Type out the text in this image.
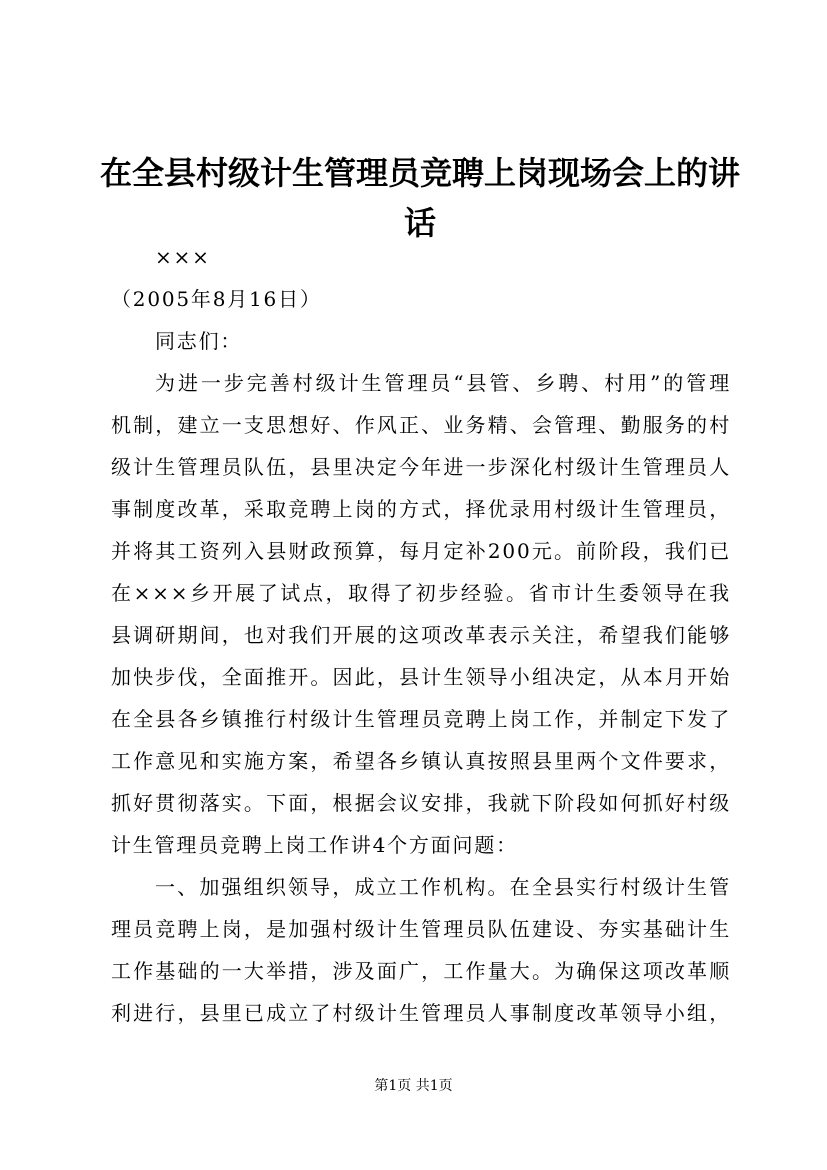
在全县村级计生管理员竞聘上岗现场会上的讲话
×××
（2005年8月16日）
同志们：
为进一步完善村级计生管理员“县管、乡聘、村用”的管理
机制，建立一支思想好、作风正、业务精、会管理、勤服务的村
级计生管理员队伍，县里决定今年进一步深化村级计生管理员人
事制度改革，采取竞聘上岗的方式，择优录用村级计生管理员，
并将其工资列入县财政预算，每月定补200元。前阶段，我们已
在×××乡开展了试点，取得了初步经验。省市计生委领导在我
县调研期间，也对我们开展的这项改革表示关注，希望我们能够
加快步伐，全面推开。因此，县计生领导小组决定，从本月开始
在全县各乡镇推行村级计生管理员竞聘上岗工作，并制定下发了
工作意见和实施方案，希望各乡镇认真按照县里两个文件要求，
抓好贯彻落实。下面，根据会议安排，我就下阶段如何抓好村级
计生管理员竞聘上岗工作讲4个方面问题：
一、加强组织领导，成立工作机构。在全县实行村级计生管
理员竞聘上岗，是加强村级计生管理员队伍建设、夯实基础计生
工作基础的一大举措，涉及面广，工作量大。为确保这项改革顺
利进行，县里已成立了村级计生管理员人事制度改革领导小组，
第1页 共1页
